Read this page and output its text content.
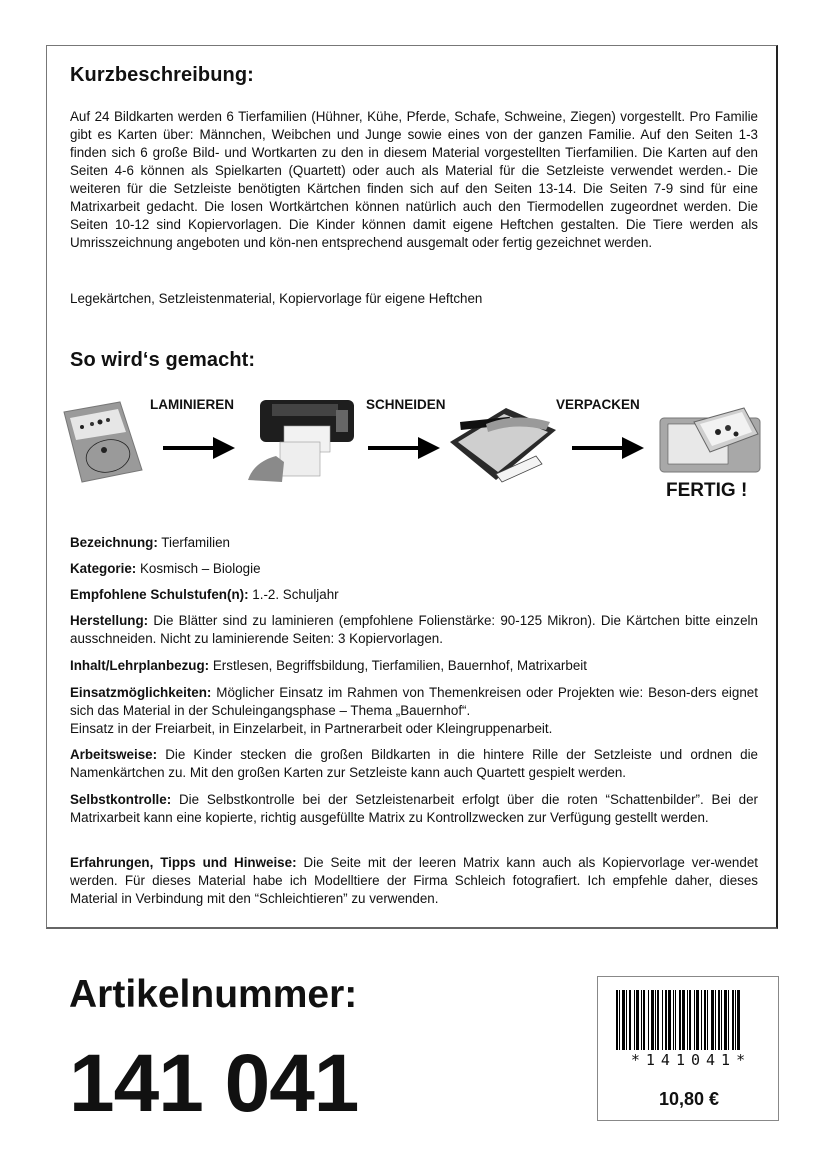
Kurzbeschreibung:
Auf 24 Bildkarten werden 6 Tierfamilien (Hühner, Kühe, Pferde, Schafe, Schweine, Ziegen) vorgestellt. Pro Familie gibt es Karten über: Männchen, Weibchen und Junge sowie eines von der ganzen Familie. Auf den Seiten 1-3 finden sich 6 große Bild- und Wortkarten zu den in diesem Material vorgestellten Tierfamilien. Die Karten auf den Seiten 4-6 können als Spielkarten (Quartett) oder auch als Material für die Setzleiste verwendet werden.- Die weiteren für die Setzleiste benötigten Kärtchen finden sich auf den Seiten 13-14. Die Seiten 7-9 sind für eine Matrixarbeit gedacht. Die losen Wortkärtchen können natürlich auch den Tiermodellen zugeordnet werden. Die Seiten 10-12 sind Kopiervorlagen. Die Kinder können damit eigene Heftchen gestalten. Die Tiere werden als Umrisszeichnung angeboten und kön-nen entsprechend ausgemalt oder fertig gezeichnet werden.
Legekärtchen, Setzleistenmaterial, Kopiervorlage für eigene Heftchen
So wird‘s gemacht:
LAMINIEREN	SCHNEIDEN	VERPACKEN
FERTIG !
Bezeichnung: Tierfamilien
Kategorie: Kosmisch – Biologie
Empfohlene Schulstufen(n): 1.-2. Schuljahr
Herstellung: Die Blätter sind zu laminieren (empfohlene Folienstärke: 90-125 Mikron). Die Kärtchen bitte einzeln ausschneiden. Nicht zu laminierende Seiten: 3 Kopiervorlagen.
Inhalt/Lehrplanbezug: Erstlesen, Begriffsbildung, Tierfamilien, Bauernhof, Matrixarbeit
Einsatzmöglichkeiten: Möglicher Einsatz im Rahmen von Themenkreisen oder Projekten wie: Beson-ders eignet sich das Material in der Schuleingangsphase – Thema „Bauernhof“.
Einsatz in der Freiarbeit, in Einzelarbeit, in Partnerarbeit oder Kleingruppenarbeit.
Arbeitsweise: Die Kinder stecken die großen Bildkarten in die hintere Rille der Setzleiste und ordnen die Namenkärtchen zu. Mit den großen Karten zur Setzleiste kann auch Quartett gespielt werden.
Selbstkontrolle: Die Selbstkontrolle bei der Setzleistenarbeit erfolgt über die roten “Schattenbilder”. Bei der Matrixarbeit kann eine kopierte, richtig ausgefüllte Matrix zu Kontrollzwecken zur Verfügung gestellt werden.
Erfahrungen, Tipps und Hinweise: Die Seite mit der leeren Matrix kann auch als Kopiervorlage ver-wendet werden. Für dieses Material habe ich Modelltiere der Firma Schleich fotografiert. Ich empfehle daher, dieses Material in Verbindung mit den “Schleichtieren” zu verwenden.
Artikelnummer:
141 041	*141041*
10,80 €
